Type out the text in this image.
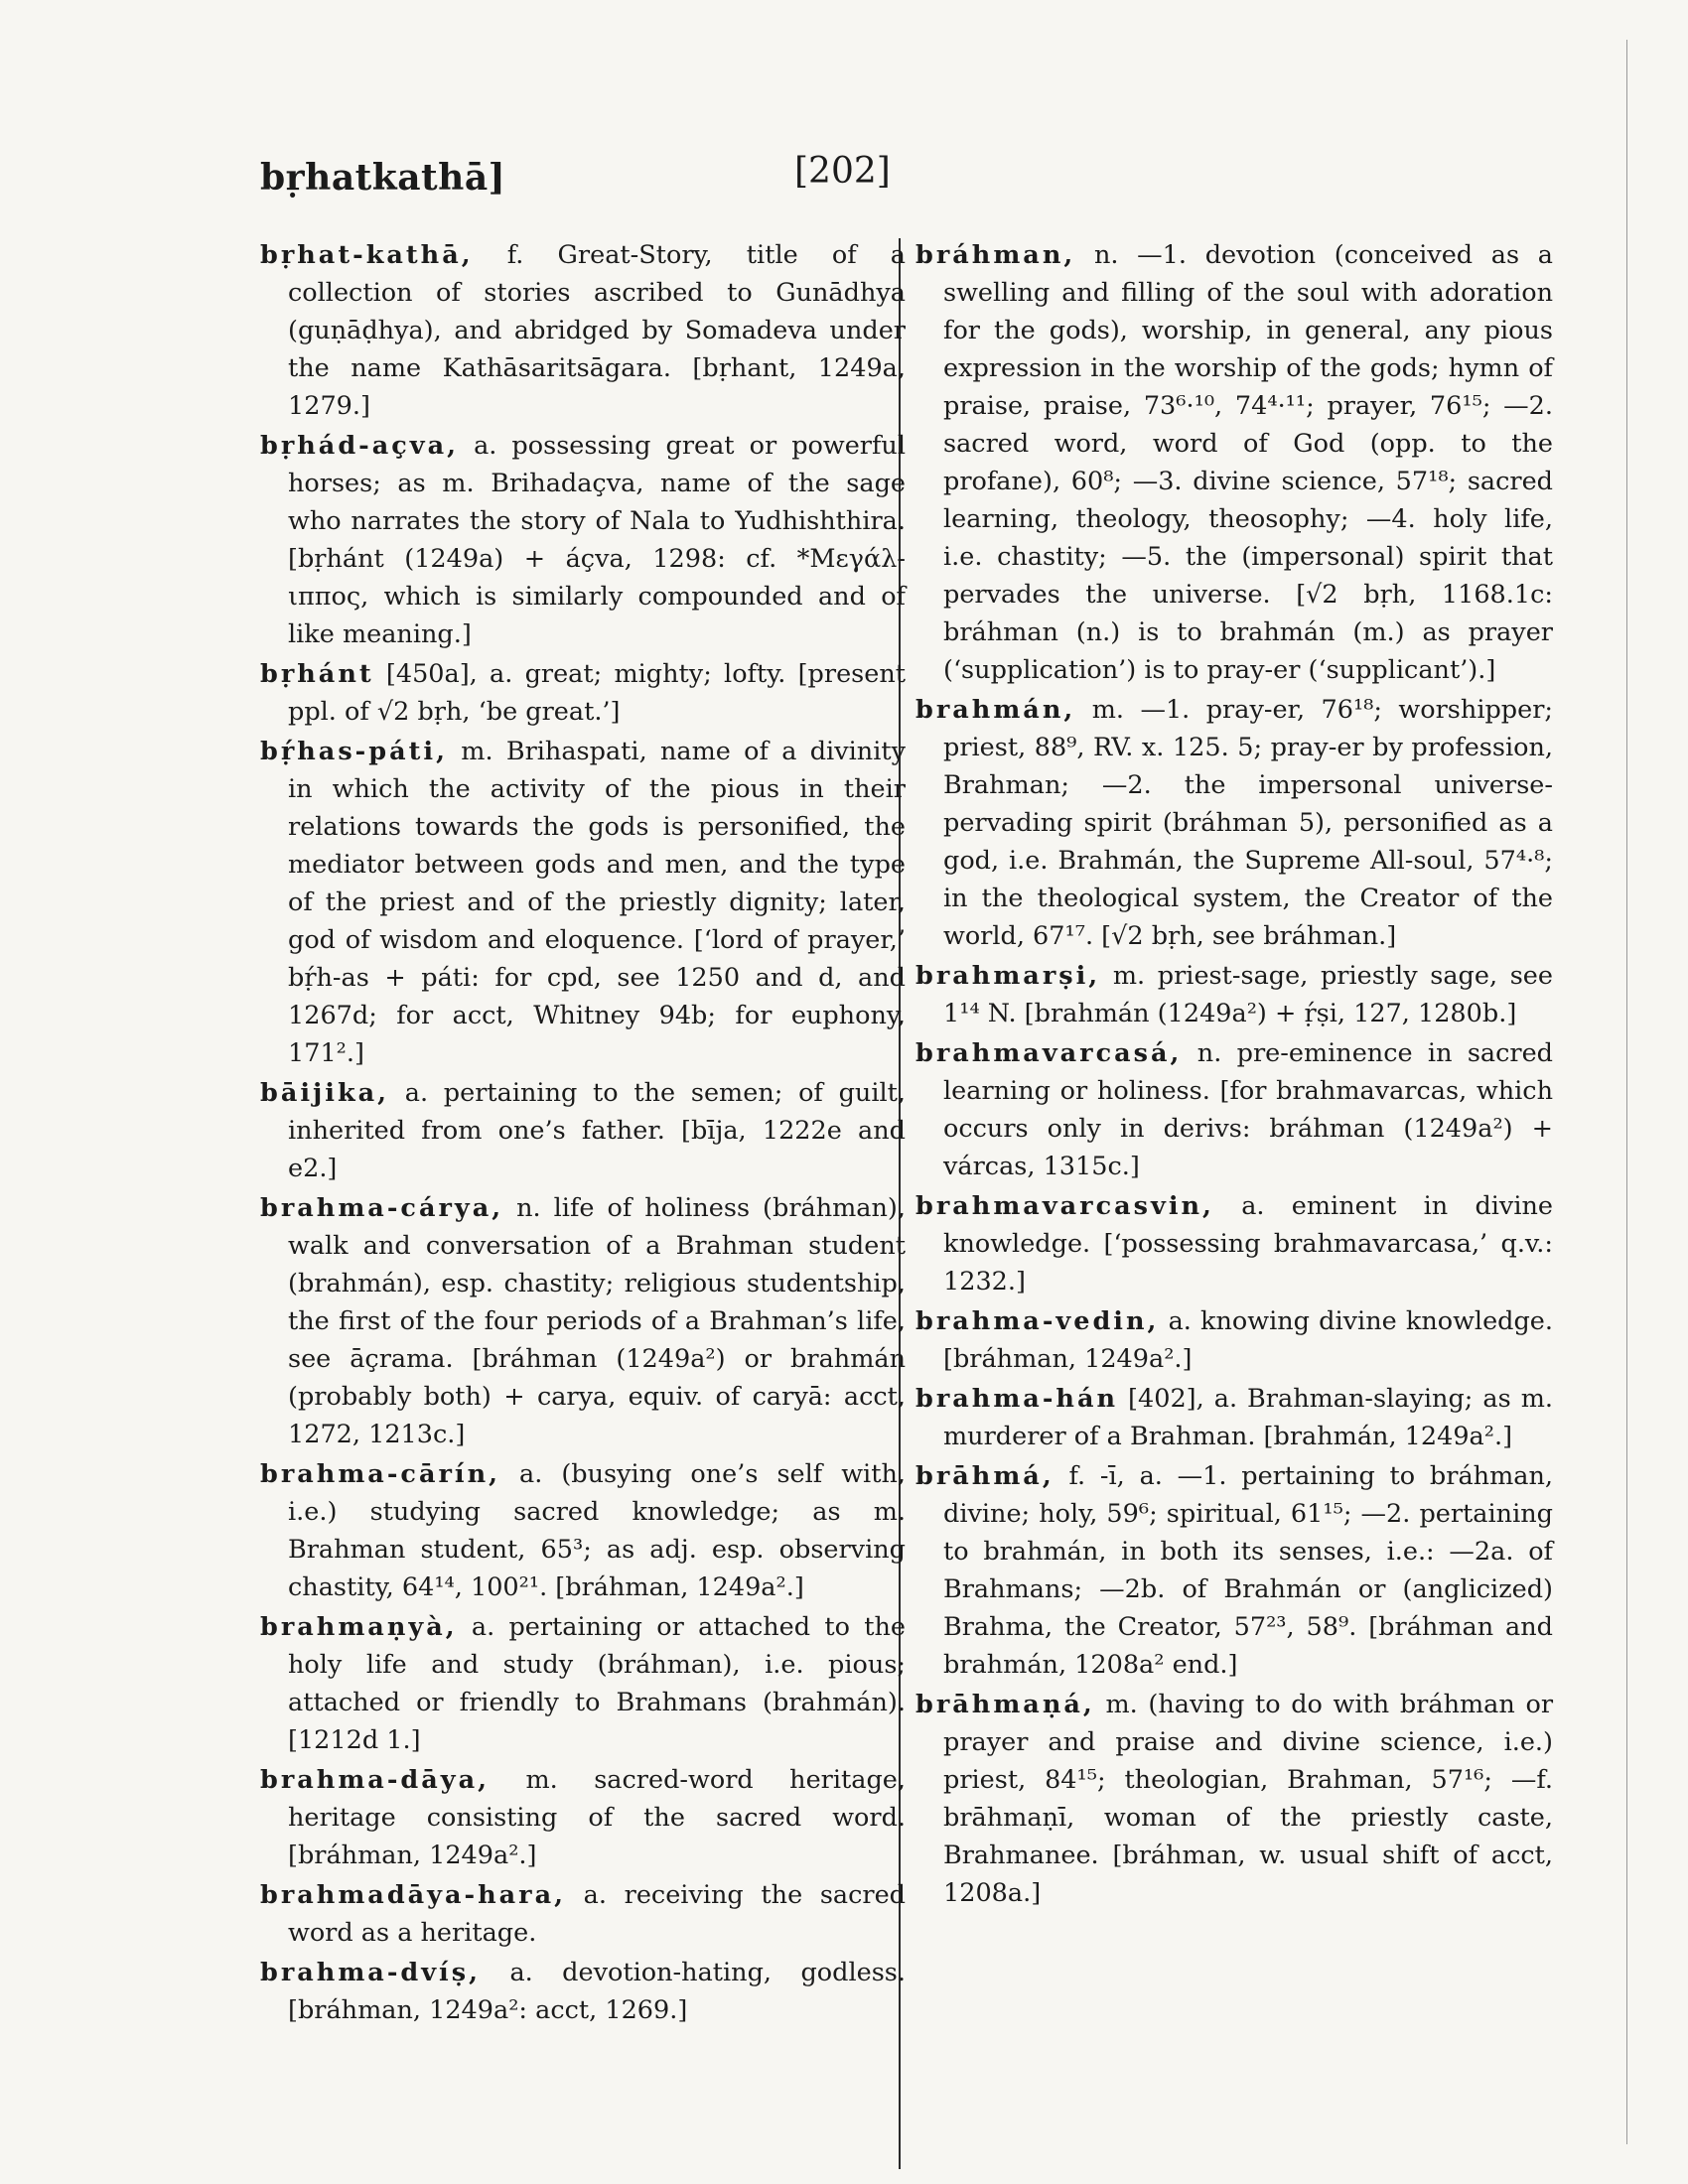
bṛhatkathā]	[202]

bṛhat-kathā, f. Great-Story, title of a collection of stories ascribed to Gunādhya (guṇāḍhya), and abridged by Somadeva under the name Kathāsaritsāgara. [bṛhant, 1249a, 1279.]

bṛhád-açva, a. possessing great or powerful horses; as m. Brihadaçva, name of the sage who narrates the story of Nala to Yudhishthira. [bṛhánt (1249a) + áçva, 1298: cf. *Μεγάλ-ιππος, which is similarly compounded and of like meaning.]

bṛhánt [450a], a. great; mighty; lofty. [present ppl. of √2 bṛh, ‘be great.’]

bṛ́has-páti, m. Brihaspati, name of a divinity in which the activity of the pious in their relations towards the gods is personified, the mediator between gods and men, and the type of the priest and of the priestly dignity; later, god of wisdom and eloquence. [‘lord of prayer,’ bṛ́h-as + páti: for cpd, see 1250 and d, and 1267d; for acct, Whitney 94b; for euphony, 171².]

bāijika, a. pertaining to the semen; of guilt, inherited from one’s father. [bīja, 1222e and e2.]

brahma-cárya, n. life of holiness (bráhman), walk and conversation of a Brahman student (brahmán), esp. chastity; religious studentship, the first of the four periods of a Brahman’s life, see āçrama. [bráhman (1249a²) or brahmán (probably both) + carya, equiv. of caryā: acct, 1272, 1213c.]

brahma-cārín, a. (busying one’s self with, i.e.) studying sacred knowledge; as m. Brahman student, 65³; as adj. esp. observing chastity, 64¹⁴, 100²¹. [bráhman, 1249a².]

brahmaṇyà, a. pertaining or attached to the holy life and study (bráhman), i.e. pious; attached or friendly to Brahmans (brahmán). [1212d 1.]

brahma-dāya, m. sacred-word heritage, heritage consisting of the sacred word. [bráhman, 1249a².]

brahmadāya-hara, a. receiving the sacred word as a heritage.

brahma-dvíṣ, a. devotion-hating, godless. [bráhman, 1249a²: acct, 1269.]

bráhman, n. —1. devotion (conceived as a swelling and filling of the soul with adoration for the gods), worship, in general, any pious expression in the worship of the gods; hymn of praise, praise, 73⁶·¹⁰, 74⁴·¹¹; prayer, 76¹⁵; —2. sacred word, word of God (opp. to the profane), 60⁸; —3. divine science, 57¹⁸; sacred learning, theology, theosophy; —4. holy life, i.e. chastity; —5. the (impersonal) spirit that pervades the universe. [√2 bṛh, 1168.1c: bráhman (n.) is to brahmán (m.) as prayer (‘supplication’) is to pray-er (‘supplicant’).]

brahmán, m. —1. pray-er, 76¹⁸; worshipper; priest, 88⁹, RV. x. 125. 5; pray-er by profession, Brahman; —2. the impersonal universe-pervading spirit (bráhman 5), personified as a god, i.e. Brahmán, the Supreme All-soul, 57⁴·⁸; in the theological system, the Creator of the world, 67¹⁷. [√2 bṛh, see bráhman.]

brahmarṣi, m. priest-sage, priestly sage, see 1¹⁴ N. [brahmán (1249a²) + ṛ́ṣi, 127, 1280b.]

brahmavarcasá, n. pre-eminence in sacred learning or holiness. [for brahmavarcas, which occurs only in derivs: bráhman (1249a²) + várcas, 1315c.]

brahmavarcasvin, a. eminent in divine knowledge. [‘possessing brahmavarcasa,’ q.v.: 1232.]

brahma-vedin, a. knowing divine knowledge. [bráhman, 1249a².]

brahma-hán [402], a. Brahman-slaying; as m. murderer of a Brahman. [brahmán, 1249a².]

brāhmá, f. -ī, a. —1. pertaining to bráhman, divine; holy, 59⁶; spiritual, 61¹⁵; —2. pertaining to brahmán, in both its senses, i.e.: —2a. of Brahmans; —2b. of Brahmán or (anglicized) Brahma, the Creator, 57²³, 58⁹. [bráhman and brahmán, 1208a² end.]

brāhmaṇá, m. (having to do with bráhman or prayer and praise and divine science, i.e.) priest, 84¹⁵; theologian, Brahman, 57¹⁶; —f. brāhmaṇī, woman of the priestly caste, Brahmanee. [bráhman, w. usual shift of acct, 1208a.]
